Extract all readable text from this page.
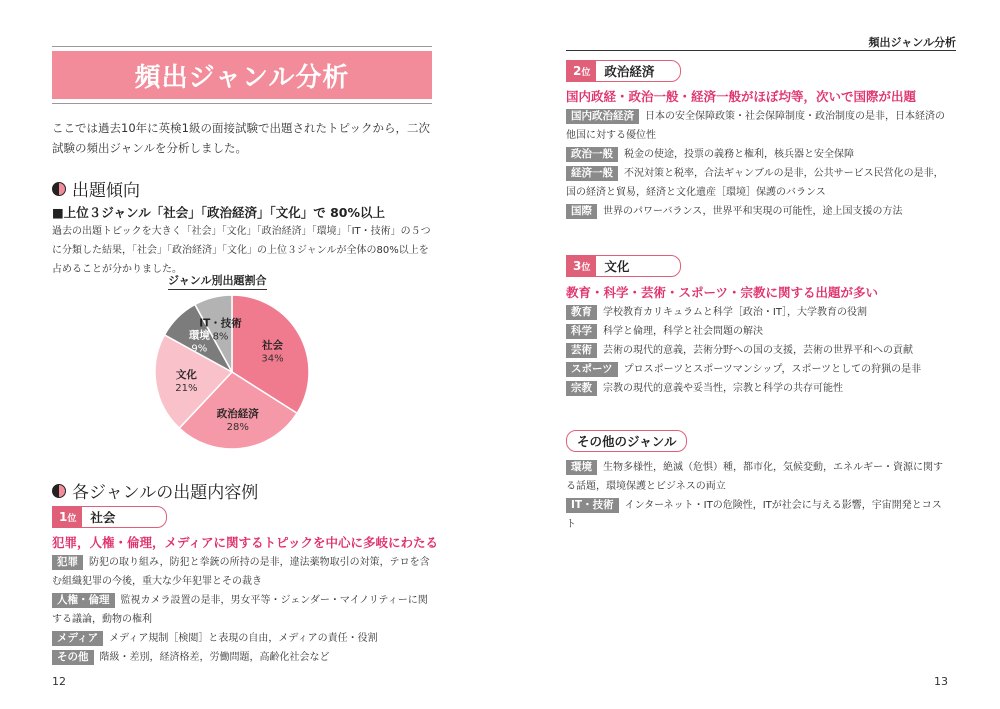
頻出ジャンル分析
ここでは過去10年に英検1級の面接試験で出題されたトピックから，二次試験の頻出ジャンルを分析しました。
出題傾向
■上位３ジャンル「社会」「政治経済」「文化」で 80%以上
過去の出題トピックを大きく「社会」「文化」「政治経済」「環境」「IT・技術」の５つに分類した結果，「社会」「政治経済」「文化」の上位３ジャンルが全体の80%以上を占めることが分かりました。
ジャンル別出題割合
社会
34%
政治経済
28%
文化
21%
環境
9%
IT・技術
8%
各ジャンルの出題内容例
1 位	社会
犯罪，人権・倫理，メディアに関するトピックを中心に多岐にわたる
犯罪 防犯の取り組み，防犯と拳銃の所持の是非，違法薬物取引の対策，テロを含む組織犯罪の今後，重大な少年犯罪とその裁き
人権・倫理 監視カメラ設置の是非，男女平等・ジェンダー・マイノリティーに関する議論，動物の権利
メディア メディア規制［検閲］と表現の自由，メディアの責任・役割
その他 階級・差別，経済格差，労働問題，高齢化社会など
12
頻出ジャンル分析
2 位	政治経済
国内政経・政治一般・経済一般がほぼ均等，次いで国際が出題
国内政治経済 日本の安全保障政策・社会保障制度・政治制度の是非，日本経済の他国に対する優位性
政治一般 税金の使途，投票の義務と権利，核兵器と安全保障
経済一般 不況対策と税率，合法ギャンブルの是非，公共サービス民営化の是非，国の経済と貿易，経済と文化遺産［環境］保護のバランス
国際 世界のパワーバランス，世界平和実現の可能性，途上国支援の方法
3 位	文化
教育・科学・芸術・スポーツ・宗教に関する出題が多い
教育 学校教育カリキュラムと科学［政治・IT］，大学教育の役割
科学 科学と倫理，科学と社会問題の解決
芸術 芸術の現代的意義，芸術分野への国の支援，芸術の世界平和への貢献
スポーツ プロスポーツとスポーツマンシップ，スポーツとしての狩猟の是非
宗教 宗教の現代的意義や妥当性，宗教と科学の共存可能性
その他のジャンル
環境 生物多様性，絶滅（危惧）種，都市化，気候変動，エネルギー・資源に関する話題，環境保護とビジネスの両立
IT・技術 インターネット・ITの危険性，ITが社会に与える影響，宇宙開発とコスト
13
